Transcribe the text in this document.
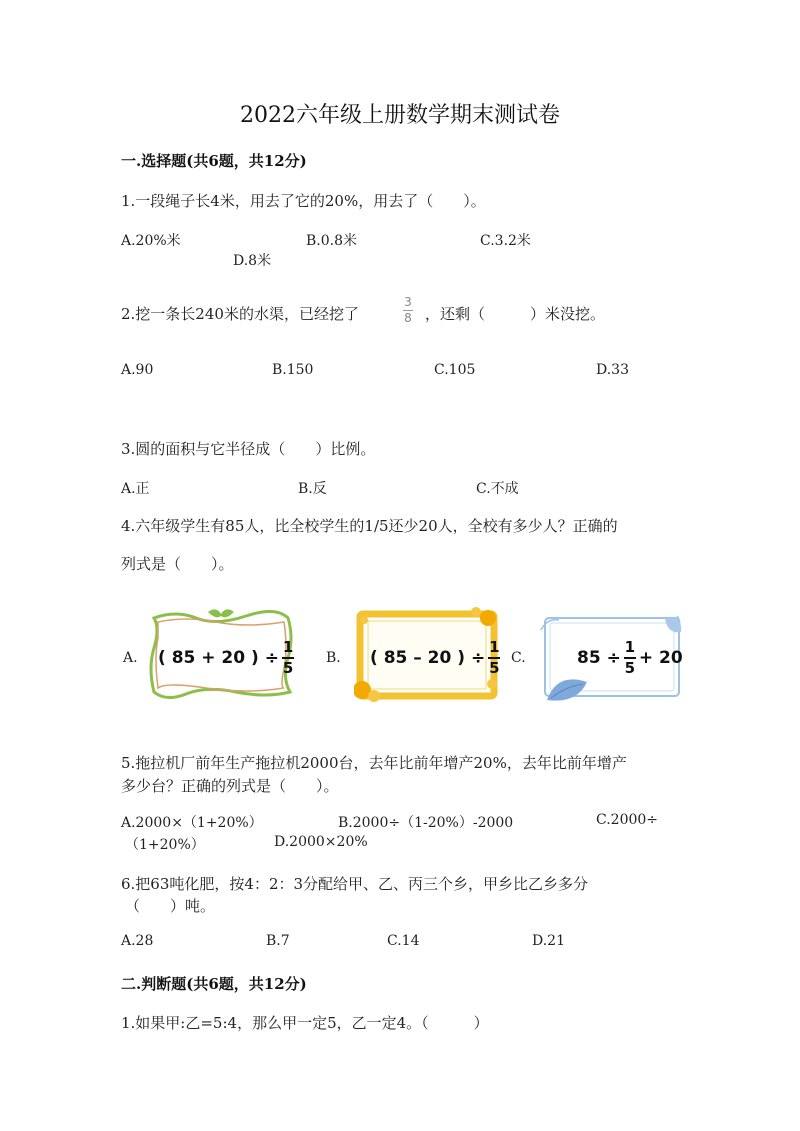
2022六年级上册数学期末测试卷
一.选择题(共6题，共12分)
1.一段绳子长4米，用去了它的20%，用去了（　　）。
A.20%米	B.0.8米	C.3.2米
D.8米
2.挖一条长240米的水渠，已经挖了
3
8 ，还剩（　　　）米没挖。
A.90	B.150	C.105	D.33
3.圆的面积与它半径成（　　）比例。
A.正	B.反	C.不成
4.六年级学生有85人，比全校学生的1/5还少20人，全校有多少人？正确的
列式是（　　）。
A.	B.	C.
( 85 + 20 ) ÷
1
5	( 85 – 20 ) ÷
1
5	85 ÷
1
5 + 20
5.拖拉机厂前年生产拖拉机2000台，去年比前年增产20%，去年比前年增产
多少台？正确的列式是（　　）。
A.2000×（1+20%）	B.2000÷（1-20%）-2000	C.2000÷
（1+20%）	D.2000×20%
6.把63吨化肥，按4：2：3分配给甲、乙、丙三个乡，甲乡比乙乡多分
（　　）吨。
A.28	B.7	C.14	D.21
二.判断题(共6题，共12分)
1.如果甲:乙=5:4，那么甲一定5，乙一定4。（　　　）
